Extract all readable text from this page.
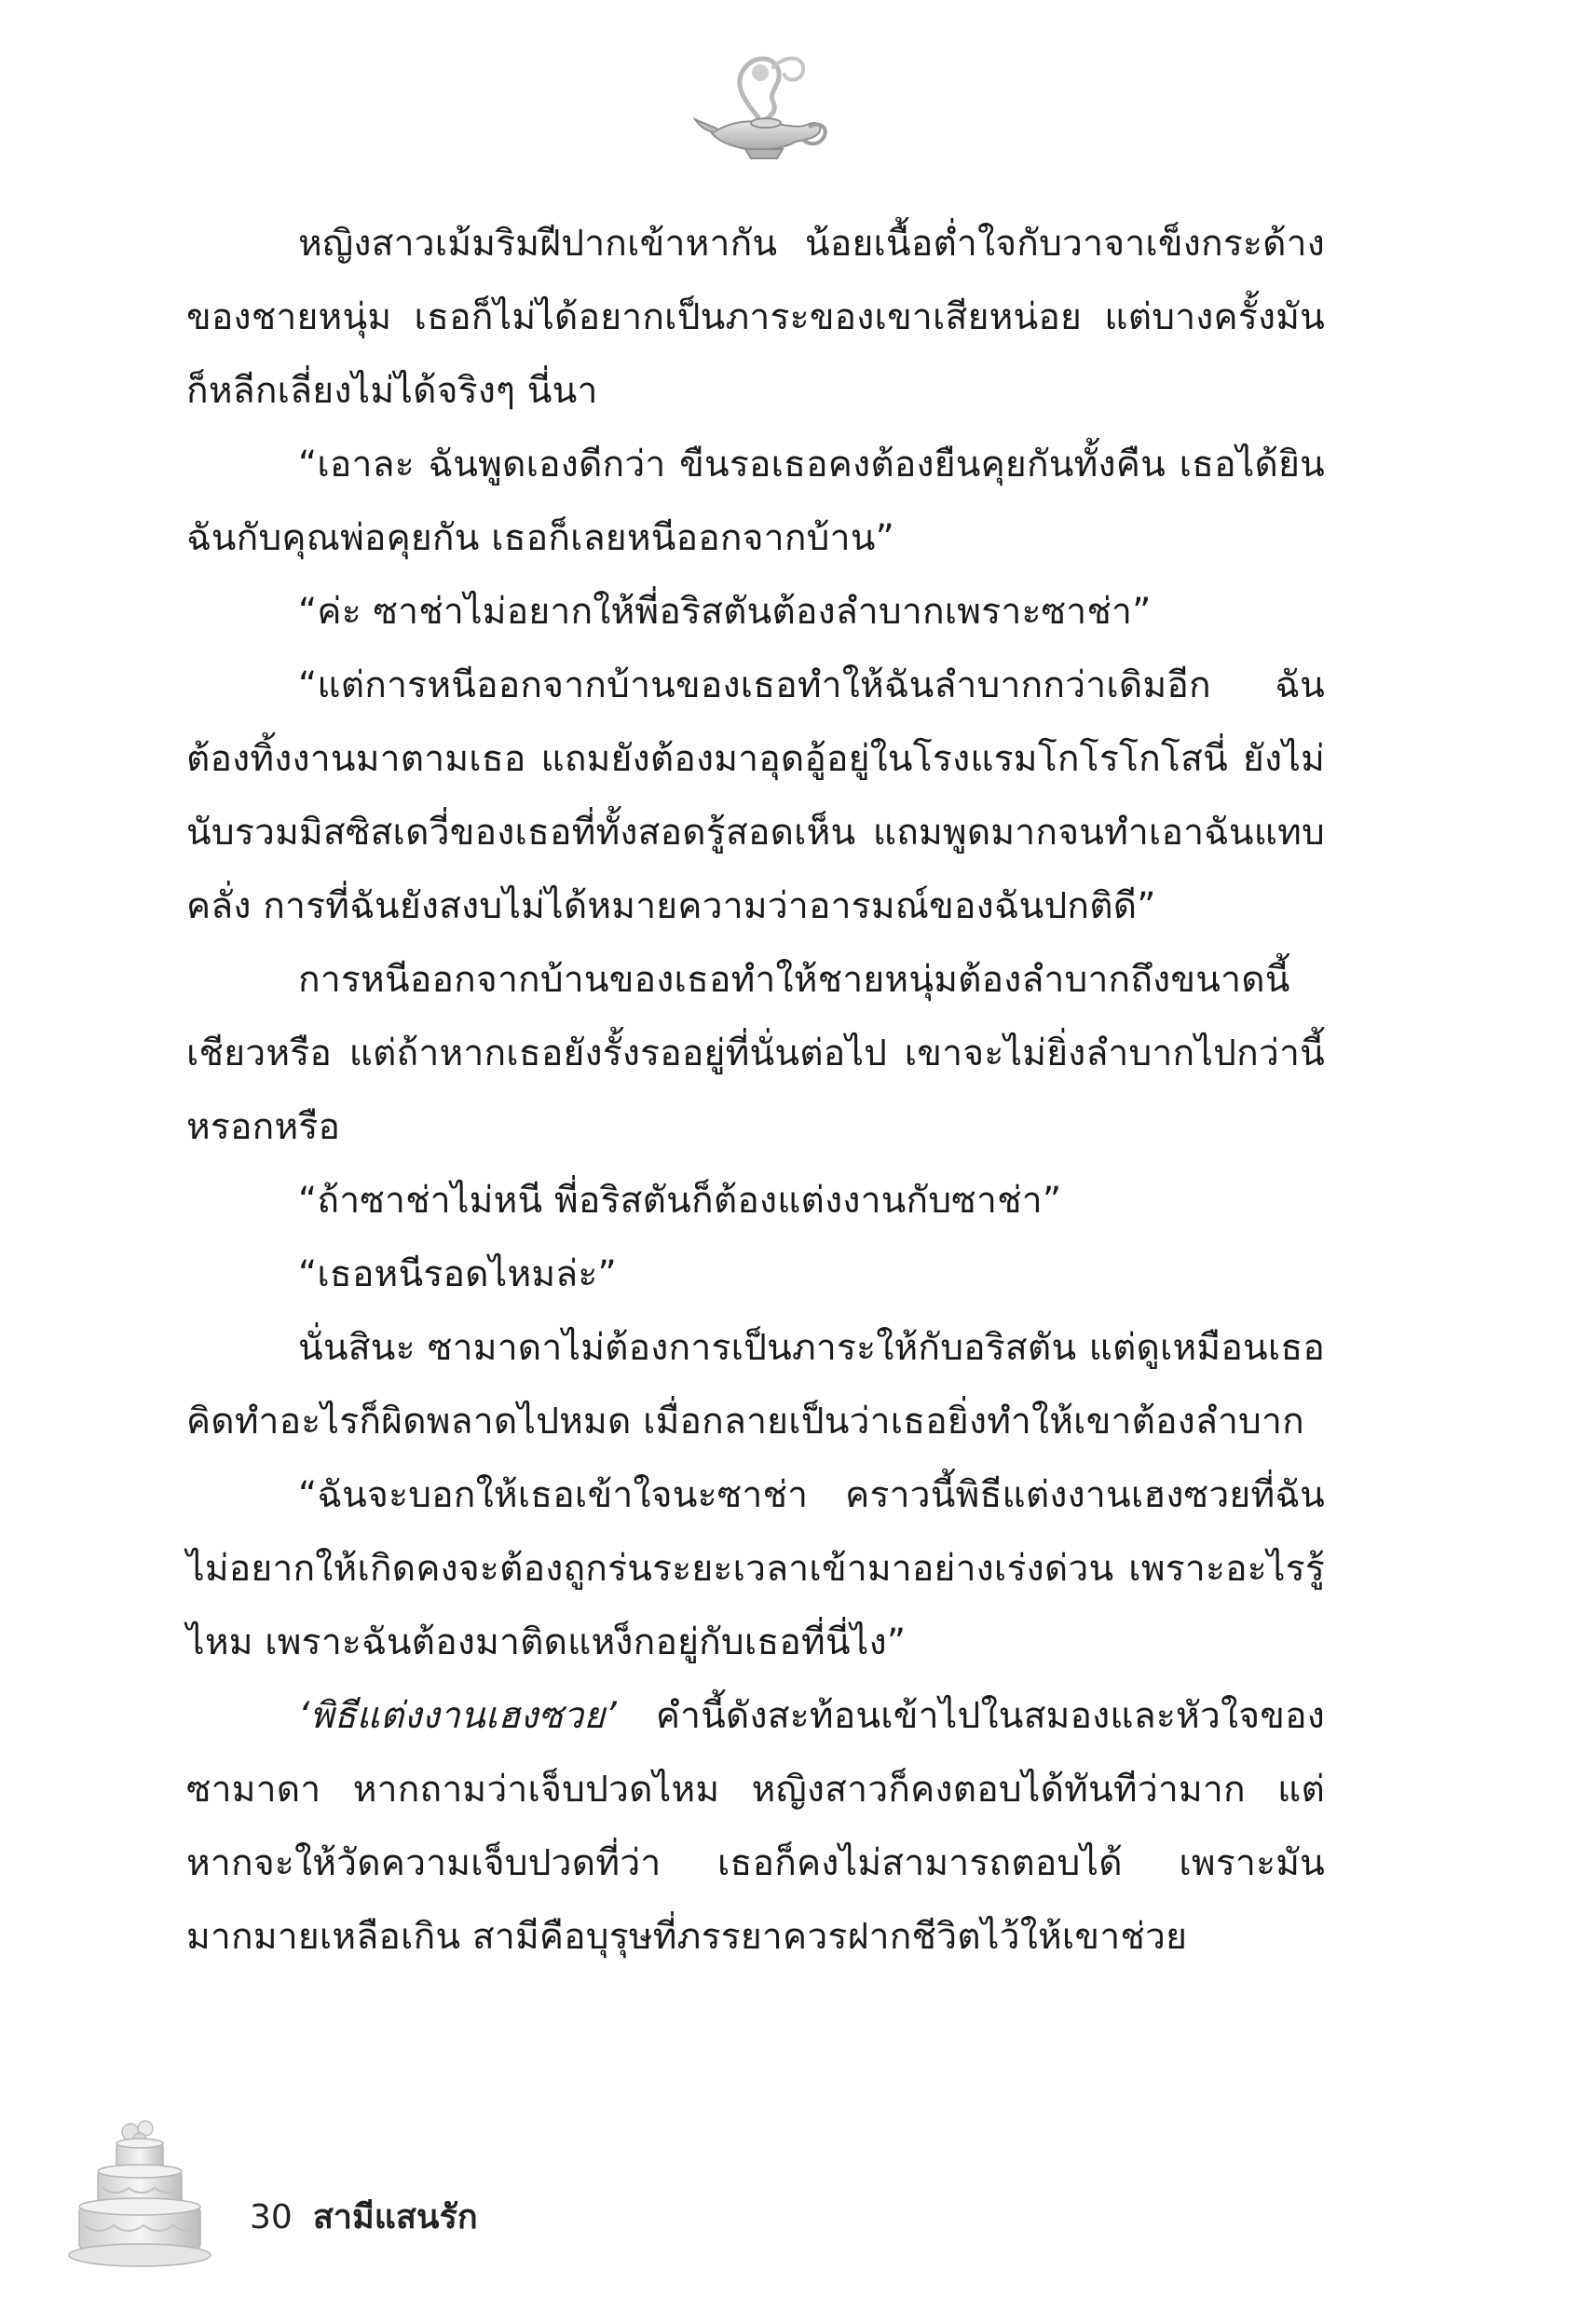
หญิงสาวเม้มริมฝีปากเข้าหากัน น้อยเนื้อต่ำใจกับวาจาเข็งกระด้างของชายหนุ่ม เธอก็ไม่ได้อยากเป็นภาระของเขาเสียหน่อย แต่บางครั้งมันก็หลีกเลี่ยงไม่ได้จริงๆ นี่นา

“เอาละ ฉันพูดเองดีกว่า ขืนรอเธอคงต้องยืนคุยกันทั้งคืน เธอได้ยินฉันกับคุณพ่อคุยกัน เธอก็เลยหนีออกจากบ้าน”

“ค่ะ ซาช่าไม่อยากให้พี่อริสตันต้องลำบากเพราะซาช่า”

“แต่การหนีออกจากบ้านของเธอทำให้ฉันลำบากกว่าเดิมอีก ฉันต้องทิ้งงานมาตามเธอ แถมยังต้องมาอุดอู้อยู่ในโรงแรมโกโรโกโสนี่ ยังไม่นับรวมมิสซิสเดวี่ของเธอที่ทั้งสอดรู้สอดเห็น แถมพูดมากจนทำเอาฉันแทบคลั่ง การที่ฉันยังสงบไม่ได้หมายความว่าอารมณ์ของฉันปกติดี”

การหนีออกจากบ้านของเธอทำให้ชายหนุ่มต้องลำบากถึงขนาดนี้เชียวหรือ แต่ถ้าหากเธอยังรั้งรออยู่ที่นั่นต่อไป เขาจะไม่ยิ่งลำบากไปกว่านี้หรอกหรือ

“ถ้าซาช่าไม่หนี พี่อริสตันก็ต้องแต่งงานกับซาช่า”

“เธอหนีรอดไหมล่ะ”

นั่นสินะ ซามาดาไม่ต้องการเป็นภาระให้กับอริสตัน แต่ดูเหมือนเธอคิดทำอะไรก็ผิดพลาดไปหมด เมื่อกลายเป็นว่าเธอยิ่งทำให้เขาต้องลำบาก

“ฉันจะบอกให้เธอเข้าใจนะซาช่า คราวนี้พิธีแต่งงานเฮงซวยที่ฉันไม่อยากให้เกิดคงจะต้องถูกร่นระยะเวลาเข้ามาอย่างเร่งด่วน เพราะอะไรรู้ไหม เพราะฉันต้องมาติดแหง็กอยู่กับเธอที่นี่ไง”

‘พิธีแต่งงานเฮงซวย’ คำนี้ดังสะท้อนเข้าไปในสมองและหัวใจของซามาดา หากถามว่าเจ็บปวดไหม หญิงสาวก็คงตอบได้ทันทีว่ามาก แต่หากจะให้วัดความเจ็บปวดที่ว่า เธอก็คงไม่สามารถตอบได้ เพราะมันมากมายเหลือเกิน สามีคือบุรุษที่ภรรยาควรฝากชีวิตไว้ให้เขาช่วย

30 สามีแสนรัก
